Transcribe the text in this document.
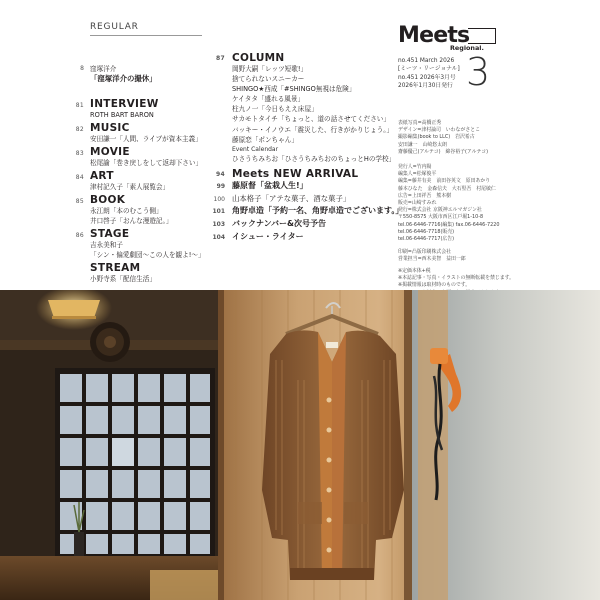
REGULAR
8 窪塚洋介
「窪塚洋介の撮休」
81 INTERVIEW
ROTH BART BARON
82 MUSIC
安田謙一「人間、ライブが資本主義」
83 MOVIE
松尾諭「巻き戻しをして返却下さい」
84 ART
津村記久子「素人展覧会」
85 BOOK
永江朗「本のむこう側」
井口啓子「おんな漫遊記。」
86 STAGE
吉永美和子
「シン・偏愛劇団〜この人を観よ!〜」
STREAM
小野寺系「配信生活」
87 COLUMN
岡野大嗣「レッツ短歌!」
捨てられないスニーカー
SHINGO★西成「#SHINGO無視は危険」
ケイタタ「盛れる風景」
柱九ノ一「今日もええ床屋」
サカモトタイチ「ちょっと、道の話させてください」
バッキー・イノウエ「震災した、行きがかりじょう。」
藤原恋「ポンちゃん」
Event Calendar
ひさうちみちお「ひさうちみちおのちょっとHの学校」
94 Meets NEW ARRIVAL
99 藤原督「盆栽人生!」
100 山本格子「アテな菓子、酒な菓子」
101 角野卓造「予約一名、角野卓造でございます。」
103 バックナンバー&次号予告
104 イシュー・ライター
Meets
Regional.
no.451 March 2026
[ミーツ・リージョナル]
no.451 2026年3月号
2026年1月30日発行 3
表紙写真=高橋正秀
デザイン=津村論司　いわながさとこ
撮影編集(book to LLC)　岩沢希古
安田謙一　山崎悠太朗
齋藤優己(アルテコ)　綿谷裕子(アルテコ)
発行人=竹内陽
編集人=松塚俊平
編集=藤井有美　前田谷英文　原田あかり
藤本ひなた　金森信夫　大石堅吾　村尾敏仁
広告=上田祥吾　熊本樹
販売=山崎すみれ
発行=株式会社 京阪神エルマガジン社
〒550-8575 大阪市西区江戸堀1-10-8
tel.06-6446-7716(編集) fax.06-6446-7220
tel.06-6446-7718(販売)
tel.06-6446-7717(広告)
印刷=凸版印刷株式会社
営業担当=西木美智　益田一郎
※定価本体+税
※本誌記事・写真・イラストの無断転載を禁じます。
※掲載情報は取材時のものです。
